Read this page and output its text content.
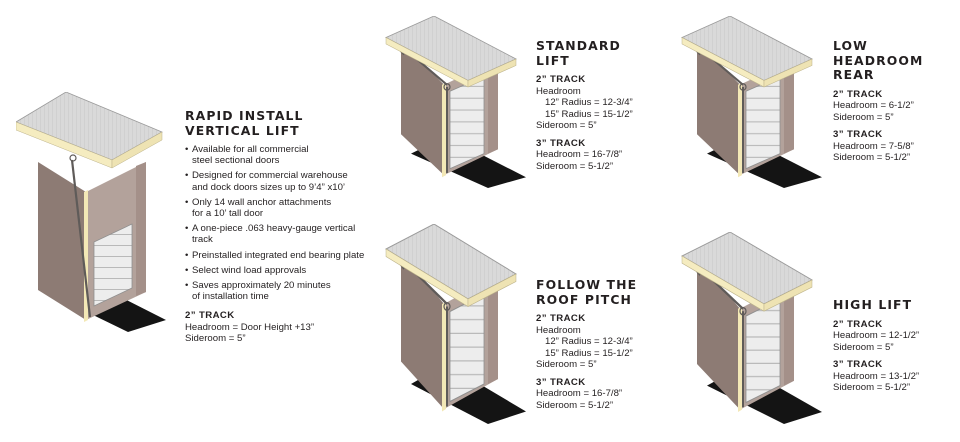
RAPID INSTALL
VERTICAL LIFT
• Available for all commercial
steel sectional doors
• Designed for commercial warehouse
and dock doors sizes up to 9’4” x10’
• Only 14 wall anchor attachments
for a 10’ tall door
• A one-piece .063 heavy-gauge vertical track
• Preinstalled integrated end bearing plate
• Select wind load approvals
• Saves approximately 20 minutes
of installation time
2” TRACK
Headroom = Door Height +13”
Sideroom = 5”
STANDARD
LIFT
2” TRACK
Headroom
12” Radius = 12-3/4”
15” Radius = 15-1/2”
Sideroom = 5”
3” TRACK
Headroom = 16-7/8”
Sideroom = 5-1/2”
LOW HEADROOM
REAR
2” TRACK
Headroom = 6-1/2”
Sideroom = 5”
3” TRACK
Headroom = 7-5/8”
Sideroom = 5-1/2”
FOLLOW THE
ROOF PITCH
2” TRACK
Headroom
12” Radius = 12-3/4”
15” Radius = 15-1/2”
Sideroom = 5”
3” TRACK
Headroom = 16-7/8”
Sideroom = 5-1/2”
HIGH LIFT
2” TRACK
Headroom = 12-1/2”
Sideroom = 5”
3” TRACK
Headroom = 13-1/2”
Sideroom = 5-1/2”
